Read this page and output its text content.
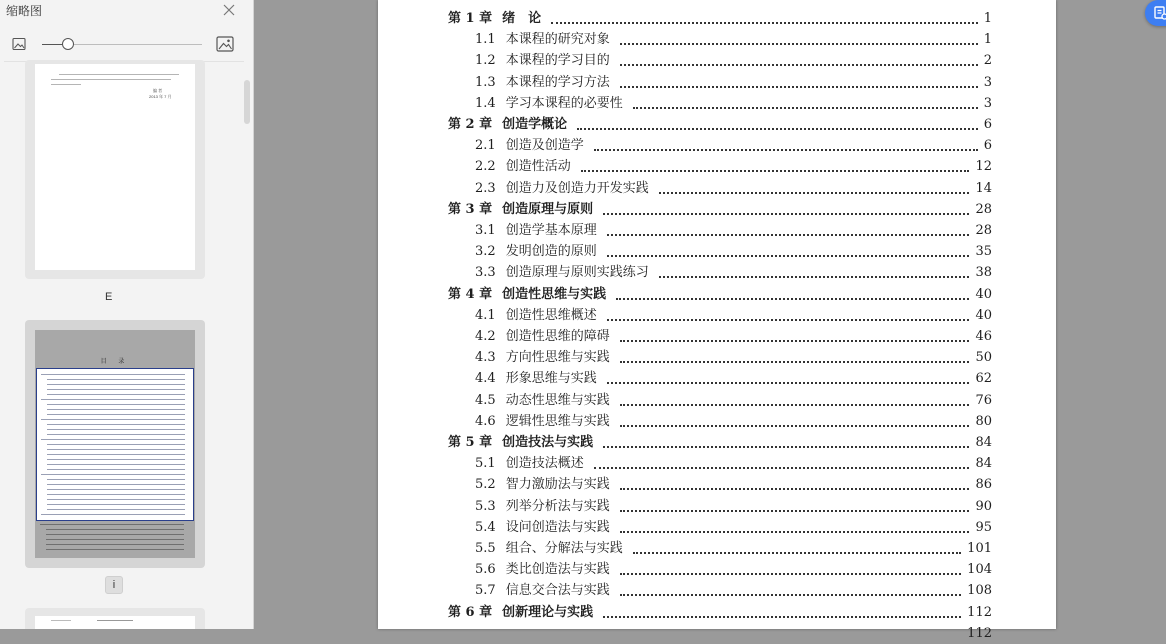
缩略图
编 者
2013 年 7 月
E
目 录
i
第 1 章 绪　论	1
1.1 本课程的研究对象	1
1.2 本课程的学习目的	2
1.3 本课程的学习方法	3
1.4 学习本课程的必要性	3
第 2 章 创造学概论	6
2.1 创造及创造学	6
2.2 创造性活动	12
2.3 创造力及创造力开发实践	14
第 3 章 创造原理与原则	28
3.1 创造学基本原理	28
3.2 发明创造的原则	35
3.3 创造原理与原则实践练习	38
第 4 章 创造性思维与实践	40
4.1 创造性思维概述	40
4.2 创造性思维的障碍	46
4.3 方向性思维与实践	50
4.4 形象思维与实践	62
4.5 动态性思维与实践	76
4.6 逻辑性思维与实践	80
第 5 章 创造技法与实践	84
5.1 创造技法概述	84
5.2 智力激励法与实践	86
5.3 列举分析法与实践	90
5.4 设问创造法与实践	95
5.5 组合、分解法与实践	101
5.6 类比创造法与实践	104
5.7 信息交合法与实践	108
第 6 章 创新理论与实践	112
112
